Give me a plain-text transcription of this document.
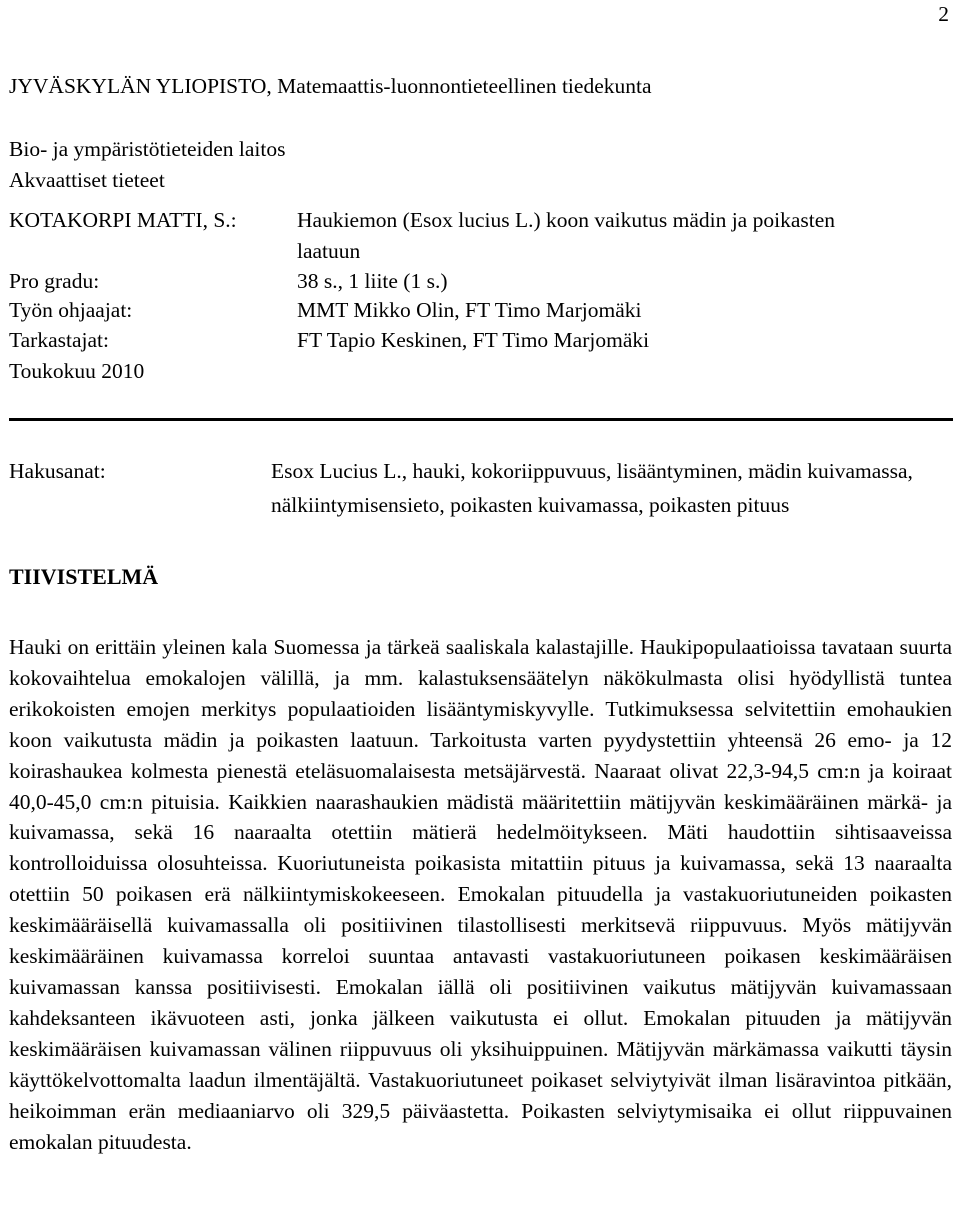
2
JYVÄSKYLÄN YLIOPISTO, Matemaattis-luonnontieteellinen tiedekunta
Bio- ja ympäristötieteiden laitos
Akvaattiset tieteet
KOTAKORPI MATTI, S.:	Haukiemon (Esox lucius L.) koon vaikutus mädin ja poikasten
laatuun
Pro gradu:	38 s., 1 liite (1 s.)
Työn ohjaajat:	MMT Mikko Olin, FT Timo Marjomäki
Tarkastajat:	FT Tapio Keskinen, FT Timo Marjomäki
Toukokuu 2010
Hakusanat:	Esox Lucius L., hauki, kokoriippuvuus, lisääntyminen, mädin kuivamassa,
nälkiintymisensieto, poikasten kuivamassa, poikasten pituus
TIIVISTELMÄ

Hauki on erittäin yleinen kala Suomessa ja tärkeä saaliskala kalastajille. Haukipopulaatioissa tavataan suurta kokovaihtelua emokalojen välillä, ja mm. kalastuksensäätelyn näkökulmasta olisi hyödyllistä tuntea erikokoisten emojen merkitys populaatioiden lisääntymiskyvylle. Tutkimuksessa selvitettiin emohaukien koon vaikutusta mädin ja poikasten laatuun. Tarkoitusta varten pyydystettiin yhteensä 26 emo- ja 12 koirashaukea kolmesta pienestä eteläsuomalaisesta metsäjärvestä. Naaraat olivat 22,3-94,5 cm:n ja koiraat 40,0-45,0 cm:n pituisia. Kaikkien naarashaukien mädistä määritettiin mätijyvän keskimääräinen märkä- ja kuivamassa, sekä 16 naaraalta otettiin mätierä hedelmöitykseen. Mäti haudottiin sihtisaaveissa kontrolloiduissa olosuhteissa. Kuoriutuneista poikasista mitattiin pituus ja kuivamassa, sekä 13 naaraalta otettiin 50 poikasen erä nälkiintymiskokeeseen. Emokalan pituudella ja vastakuoriutuneiden poikasten keskimääräisellä kuivamassalla oli positiivinen tilastollisesti merkitsevä riippuvuus. Myös mätijyvän keskimääräinen kuivamassa korreloi suuntaa antavasti vastakuoriutuneen poikasen keskimääräisen kuivamassan kanssa positiivisesti. Emokalan iällä oli positiivinen vaikutus mätijyvän kuivamassaan kahdeksanteen ikävuoteen asti, jonka jälkeen vaikutusta ei ollut. Emokalan pituuden ja mätijyvän keskimääräisen kuivamassan välinen riippuvuus oli yksihuippuinen. Mätijyvän märkämassa vaikutti täysin käyttökelvottomalta laadun ilmentäjältä. Vastakuoriutuneet poikaset selviytyivät ilman lisäravintoa pitkään, heikoimman erän mediaaniarvo oli 329,5 päiväastetta. Poikasten selviytymisaika ei ollut riippuvainen emokalan pituudesta.
